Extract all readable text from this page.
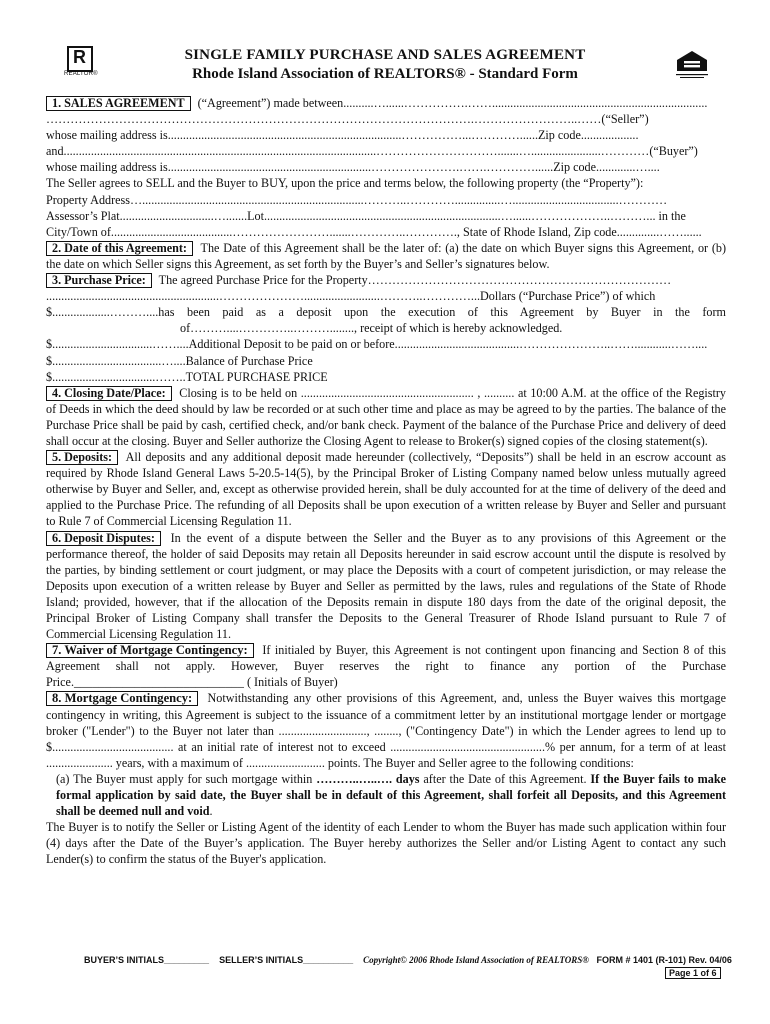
R
REALTOR®
SINGLE FAMILY PURCHASE AND SALES AGREEMENT
Rhode Island Association of REALTORS® - Standard Form
1. SALES AGREEMENT (“Agreement”) made between..........…......…………….…….......................................................................
…………………………………………………………………………………………….……………………..……(“Seller”)
whose mailing address is.............................................................................……………...…………......Zip code...................
and.......................................................................................................………………………….......….......................…………(“Buyer”)
whose mailing address is...................................................................………………….…….…………......Zip code.............…....
The Seller agrees to SELL and the Buyer to BUY, upon the price and terms below, the following property (the “Property”):
Property Address….........................................................................………..…………...............…...................................…………
Assessor’s Plat...............................….......Lot..............................................................................…......………………..………... in the
City/Town of........................................…………………….......…………..…………., State of Rhode Island, Zip code..............……......
2. Date of this Agreement: The Date of this Agreement shall be the later of: (a) the date on which Buyer signs this Agreement, or (b) the date on which Seller signs this Agreement, as set forth by the Buyer’s and Seller’s signatures below.
3. Purchase Price: The agreed Purchase Price for the Property…………………………………………………………………
.........................................................………………….........................………..…………...Dollars (“Purchase Price”) of which
$...................………....has been paid as a deposit upon the execution of this Agreement by Buyer in the form
of………....…………..………........, receipt of which is hereby acknowledged.
$.................................……....Additional Deposit to be paid on or before.........................................…………………..……............……....
$....................................…....Balance of Purchase Price
$..................................……..TOTAL PURCHASE PRICE
4. Closing Date/Place: Closing is to be held on ......................................................... , .......... at 10:00 A.M. at the office of the Registry of Deeds in which the deed should by law be recorded or at such other time and place as may be agreed to by the parties. The balance of the Purchase Price shall be paid by cash, certified check, and/or bank check. Payment of the balance of the Purchase Price and delivery of deed shall occur at the closing. Buyer and Seller authorize the Closing Agent to release to Broker(s) signed copies of the closing statement(s).
5. Deposits: All deposits and any additional deposit made hereunder (collectively, “Deposits”) shall be held in an escrow account as required by Rhode Island General Laws 5-20.5-14(5), by the Principal Broker of Listing Company named below unless mutually agreed otherwise by Buyer and Seller, and, except as otherwise provided herein, shall be duly accounted for at the time of delivery of the deed and applied to the Purchase Price. The refunding of all Deposits shall be upon execution of a written release by Buyer and Seller and pursuant to Rule 7 of Commercial Licensing Regulation 11.
6. Deposit Disputes: In the event of a dispute between the Seller and the Buyer as to any provisions of this Agreement or the performance thereof, the holder of said Deposits may retain all Deposits hereunder in said escrow account until the dispute is resolved by the parties, by binding settlement or court judgment, or may place the Deposits with a court of competent jurisdiction, or may release the Deposits upon execution of a written release by Buyer and Seller as permitted by the laws, rules and regulations of the State of Rhode Island; provided, however, that if the allocation of the Deposits remain in dispute 180 days from the date of the original deposit, the Principal Broker of Listing Company shall transfer the Deposits to the General Treasurer of Rhode Island pursuant to Rule 7 of Commercial Licensing Regulation 11.
7. Waiver of Mortgage Contingency: If initialed by Buyer, this Agreement is not contingent upon financing and Section 8 of this Agreement shall not apply. However, Buyer reserves the right to finance any portion of the Purchase Price.____________________________ ( Initials of Buyer)
8. Mortgage Contingency: Notwithstanding any other provisions of this Agreement, and, unless the Buyer waives this mortgage contingency in writing, this Agreement is subject to the issuance of a commitment letter by an institutional mortgage lender or mortgage broker ("Lender") to the Buyer not later than ............................., ........, ("Contingency Date") in which the Lender agrees to lend up to $........................................ at an initial rate of interest not to exceed ...................................................% per annum, for a term of at least ...................... years, with a maximum of .......................... points. The Buyer and Seller agree to the following conditions:
(a) The Buyer must apply for such mortgage within ………..…..…. days after the Date of this Agreement. If the Buyer fails to make formal application by said date, the Buyer shall be in default of this Agreement, shall forfeit all Deposits, and this Agreement shall be deemed null and void.
The Buyer is to notify the Seller or Listing Agent of the identity of each Lender to whom the Buyer has made such application within four (4) days after the Date of the Buyer’s application. The Buyer hereby authorizes the Seller and/or Listing Agent to contact any such Lender(s) to confirm the status of the Buyer's application.
BUYER’S INITIALS_________ SELLER’S INITIALS__________ Copyright© 2006 Rhode Island Association of REALTORS® FORM # 1401 (R-101) Rev. 04/06
Page 1 of 6
